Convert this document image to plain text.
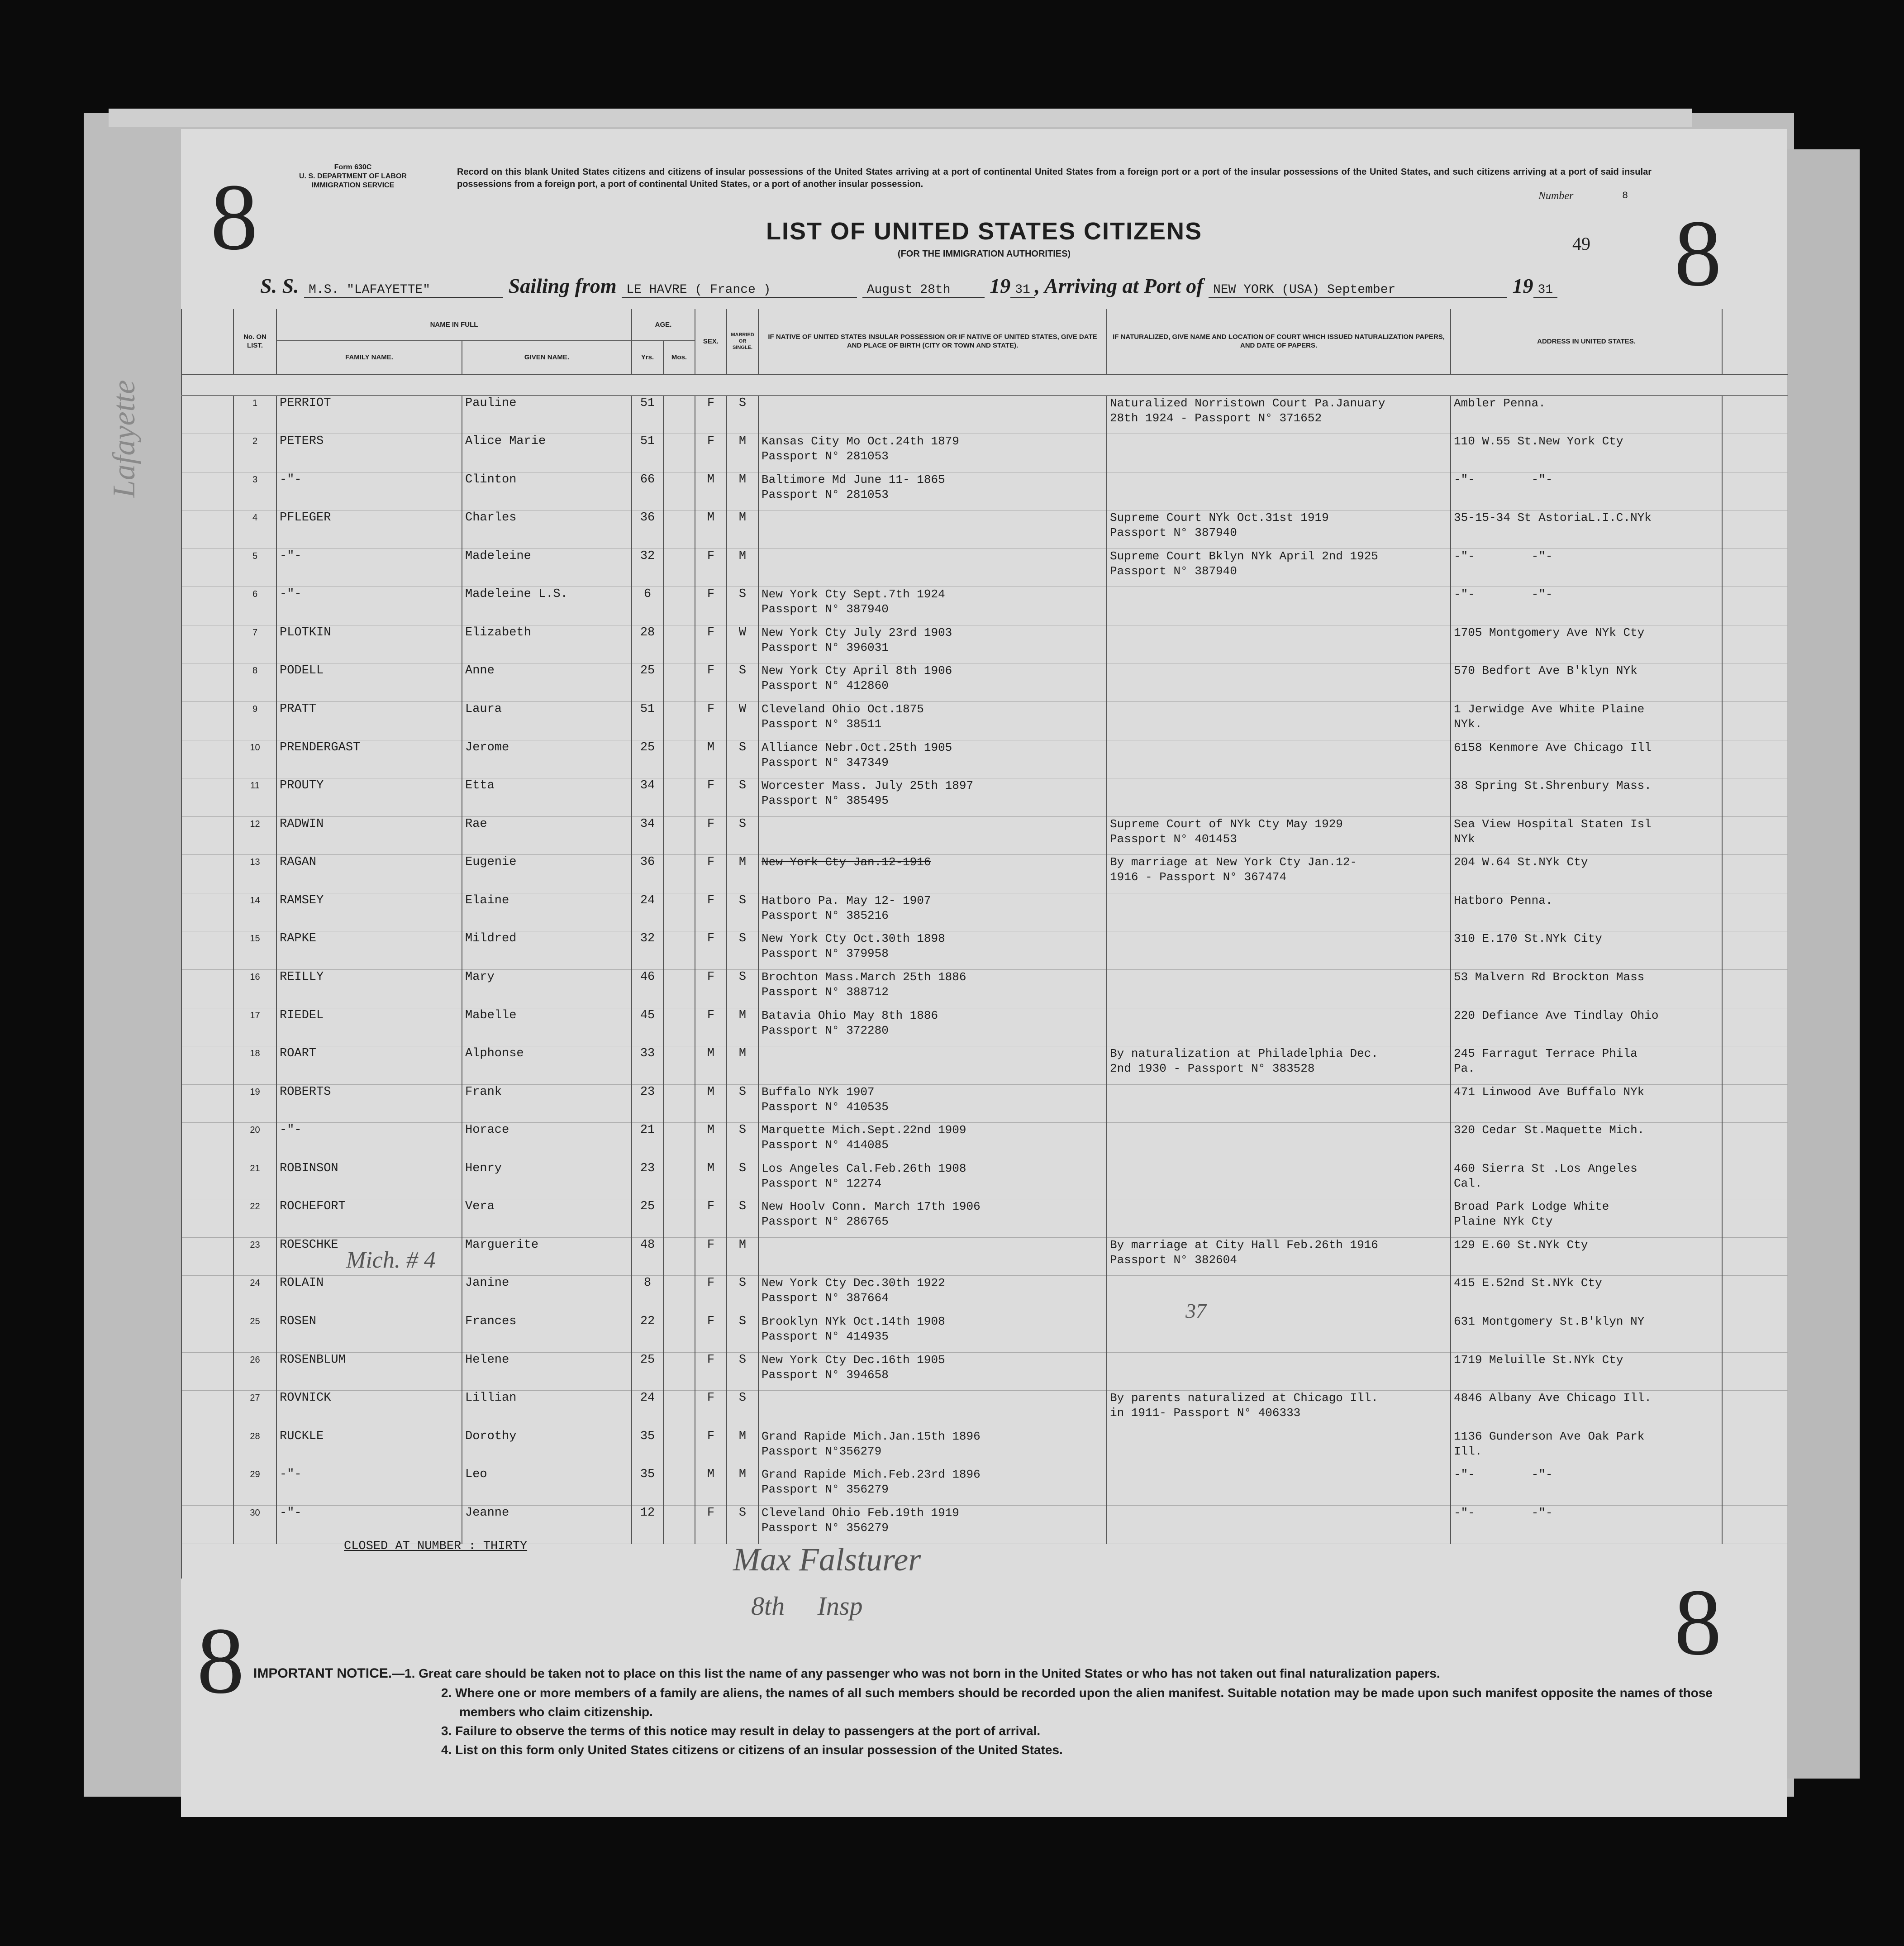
8	8
8	8
Form 630C
U. S. DEPARTMENT OF LABOR
IMMIGRATION SERVICE
Record on this blank United States citizens and citizens of insular possessions of the United States arriving at a port of continental United States from a foreign port or a port of the insular possessions of the United States, and such citizens arriving at a port of said insular possessions from a foreign port, a port of continental United States, or a port of another insular possession.
Number	8
49
LIST OF UNITED STATES CITIZENS
(FOR THE IMMIGRATION AUTHORITIES)
S. S. M.S. "LAFAYETTE"	Sailing from LE HAVRE ( France )	August 28th 19 31 , Arriving at Port of NEW YORK (USA) September	19 31
	No. ON LIST.	NAME IN FULL		AGE.		SEX.	MARRIED OR SINGLE.	IF NATIVE OF UNITED STATES INSULAR POSSESSION OR IF NATIVE OF UNITED STATES, GIVE DATE AND PLACE OF BIRTH (CITY OR TOWN AND STATE).	IF NATURALIZED, GIVE NAME AND LOCATION OF COURT WHICH ISSUED NATURALIZATION PAPERS, AND DATE OF PAPERS.	ADDRESS IN UNITED STATES.	
		FAMILY NAME.	GIVEN NAME.	Yrs.	Mos.						

	1	PERRIOT	Pauline	51		F	S		Naturalized Norristown Court Pa.January
28th 1924 - Passport N° 371652	Ambler Penna.	
	2	PETERS	Alice Marie	51		F	M	Kansas City Mo Oct.24th 1879
Passport N° 281053		110 W.55 St.New York Cty	
	3	-"-	Clinton	66		M	M	Baltimore Md June 11- 1865
Passport N° 281053		-"-        -"-	
	4	PFLEGER	Charles	36		M	M		Supreme Court NYk Oct.31st 1919
Passport N° 387940	35-15-34 St AstoriaL.I.C.NYk	
	5	-"-	Madeleine	32		F	M		Supreme Court Bklyn NYk April 2nd 1925
Passport N° 387940	-"-        -"-	
	6	-"-	Madeleine L.S.	6		F	S	New York Cty Sept.7th 1924
Passport N° 387940		-"-        -"-	
	7	PLOTKIN	Elizabeth	28		F	W	New York Cty July 23rd 1903
Passport N° 396031		1705 Montgomery Ave NYk Cty	
	8	PODELL	Anne	25		F	S	New York Cty April 8th 1906
Passport N° 412860		570 Bedfort Ave B'klyn NYk	
	9	PRATT	Laura	51		F	W	Cleveland Ohio Oct.1875
Passport N° 38511		1 Jerwidge Ave White Plaine
NYk.	
	10	PRENDERGAST	Jerome	25		M	S	Alliance Nebr.Oct.25th 1905
Passport N° 347349		6158 Kenmore Ave Chicago Ill	
	11	PROUTY	Etta	34		F	S	Worcester Mass. July 25th 1897
Passport N° 385495		38 Spring St.Shrenbury Mass.	
	12	RADWIN	Rae	34		F	S		Supreme Court of NYk Cty May 1929
Passport N° 401453	Sea View Hospital Staten Isl
NYk	
	13	RAGAN	Eugenie	36		F	M	New York Cty Jan.12-1916	By marriage at New York Cty Jan.12-
1916 - Passport N° 367474	204 W.64 St.NYk Cty	
	14	RAMSEY	Elaine	24		F	S	Hatboro Pa. May 12- 1907
Passport N° 385216		Hatboro Penna.	
	15	RAPKE	Mildred	32		F	S	New York Cty Oct.30th 1898
Passport N° 379958		310 E.170 St.NYk City	
	16	REILLY	Mary	46		F	S	Brochton Mass.March 25th 1886
Passport N° 388712		53 Malvern Rd Brockton Mass	
	17	RIEDEL	Mabelle	45		F	M	Batavia Ohio May 8th 1886
Passport N° 372280		220 Defiance Ave Tindlay Ohio	
	18	ROART	Alphonse	33		M	M		By naturalization at Philadelphia Dec.
2nd 1930 - Passport N° 383528	245 Farragut Terrace Phila
Pa.	
	19	ROBERTS	Frank	23		M	S	Buffalo NYk 1907
Passport N° 410535		471 Linwood Ave Buffalo NYk	
	20	-"-	Horace	21		M	S	Marquette Mich.Sept.22nd 1909
Passport N° 414085		320 Cedar St.Maquette Mich.	
	21	ROBINSON	Henry	23		M	S	Los Angeles Cal.Feb.26th 1908
Passport N° 12274		460 Sierra St .Los Angeles
Cal.	
	22	ROCHEFORT	Vera	25		F	S	New Hoolv Conn. March 17th 1906
Passport N° 286765		Broad Park Lodge White
Plaine NYk Cty	
	23	ROESCHKE	Marguerite	48		F	M		By marriage at City Hall Feb.26th 1916
Passport N° 382604	129 E.60 St.NYk Cty	
	24	ROLAIN	Janine	8		F	S	New York Cty Dec.30th 1922
Passport N° 387664		415 E.52nd St.NYk Cty	
	25	ROSEN	Frances	22		F	S	Brooklyn NYk Oct.14th 1908
Passport N° 414935		631 Montgomery St.B'klyn NY	
	26	ROSENBLUM	Helene	25		F	S	New York Cty Dec.16th 1905
Passport N° 394658		1719 Meluille St.NYk Cty	
	27	ROVNICK	Lillian	24		F	S		By parents naturalized at Chicago Ill.
in 1911- Passport N° 406333	4846 Albany Ave Chicago Ill.	
	28	RUCKLE	Dorothy	35		F	M	Grand Rapide Mich.Jan.15th 1896
Passport N°356279		1136 Gunderson Ave Oak Park
Ill.	
	29	-"-	Leo	35		M	M	Grand Rapide Mich.Feb.23rd 1896
Passport N° 356279		-"-        -"-	
	30	-"-	Jeanne	12		F	S	Cleveland Ohio Feb.19th 1919
Passport N° 356279		-"-        -"-	

CLOSED AT NUMBER : THIRTY	Max Falsturer
8th     Insp
Mich. # 4
37
IMPORTANT NOTICE.—1. Great care should be taken not to place on this list the name of any passenger who was not born in the United States or who has not taken out final naturalization papers.
2. Where one or more members of a family are aliens, the names of all such members should be recorded upon the alien manifest. Suitable notation may be made upon such manifest opposite the names of those members who claim citizenship.
3. Failure to observe the terms of this notice may result in delay to passengers at the port of arrival.
4. List on this form only United States citizens or citizens of an insular possession of the United States.
Lafayette
